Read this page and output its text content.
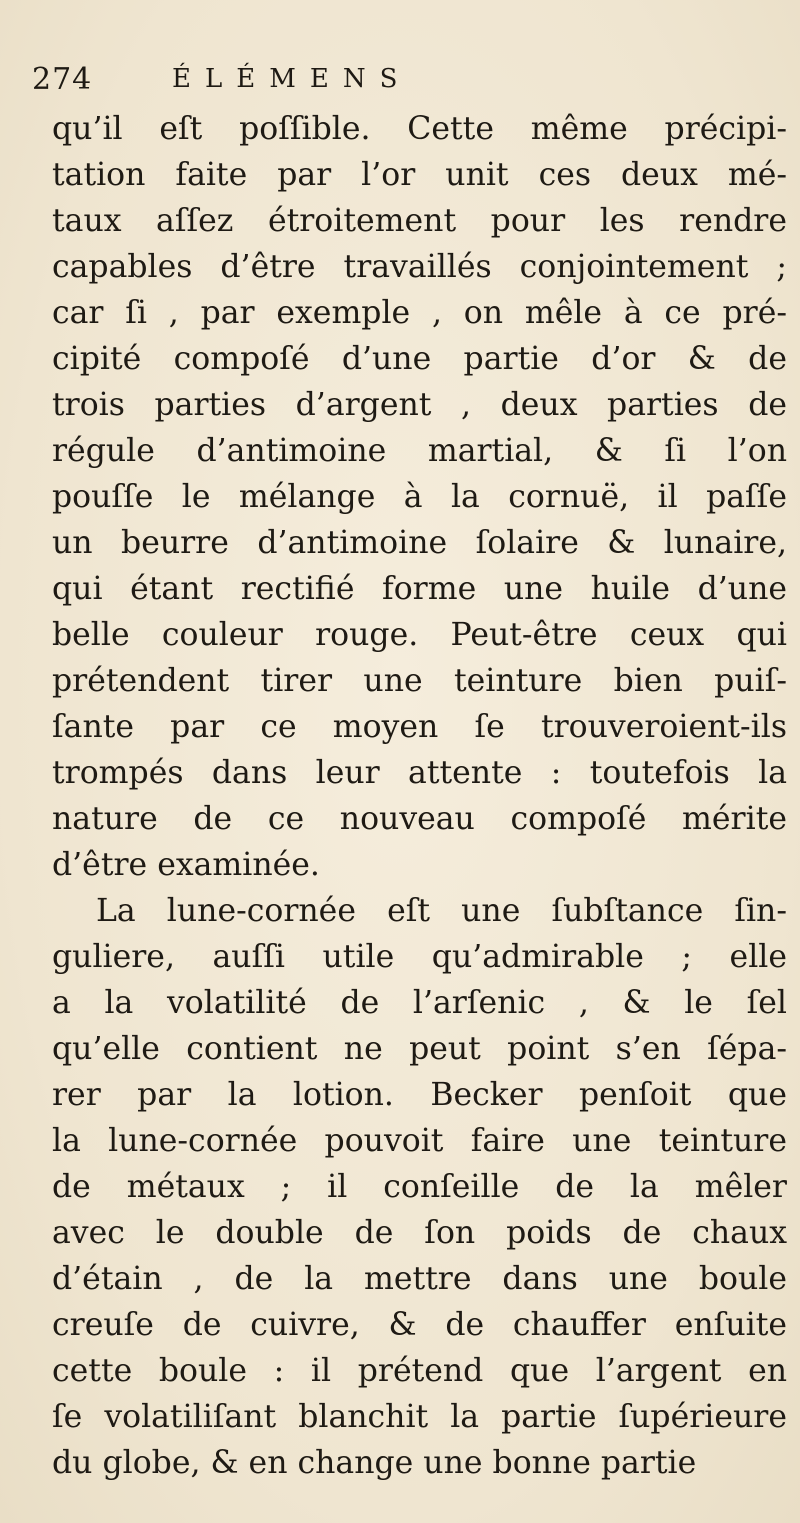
274	ÉLÉMENS
qu’il eſt poſſible. Cette même précipi-
tation faite par l’or unit ces deux mé-
taux aſſez étroitement pour les rendre
capables d’être travaillés conjointement ;
car ſi , par exemple , on mêle à ce pré-
cipité compoſé d’une partie d’or & de
trois parties d’argent , deux parties de
régule d’antimoine martial, & ſi l’on
pouſſe le mélange à la cornuë, il paſſe
un beurre d’antimoine ſolaire & lunaire,
qui étant rectifié forme une huile d’une
belle couleur rouge. Peut-être ceux qui
prétendent tirer une teinture bien puiſ-
ſante par ce moyen ſe trouveroient-ils
trompés dans leur attente : toutefois la
nature de ce nouveau compoſé mérite
d’être examinée.
La lune-cornée eſt une ſubſtance ſin-
guliere, auſſi utile qu’admirable ; elle
a la volatilité de l’arſenic , & le ſel
qu’elle contient ne peut point s’en ſépa-
rer par la lotion. Becker penſoit que
la lune-cornée pouvoit faire une teinture
de métaux ; il conſeille de la mêler
avec le double de ſon poids de chaux
d’étain , de la mettre dans une boule
creuſe de cuivre, & de chauffer enſuite
cette boule : il prétend que l’argent en
ſe volatiliſant blanchit la partie ſupérieure
du globe, & en change une bonne partie
